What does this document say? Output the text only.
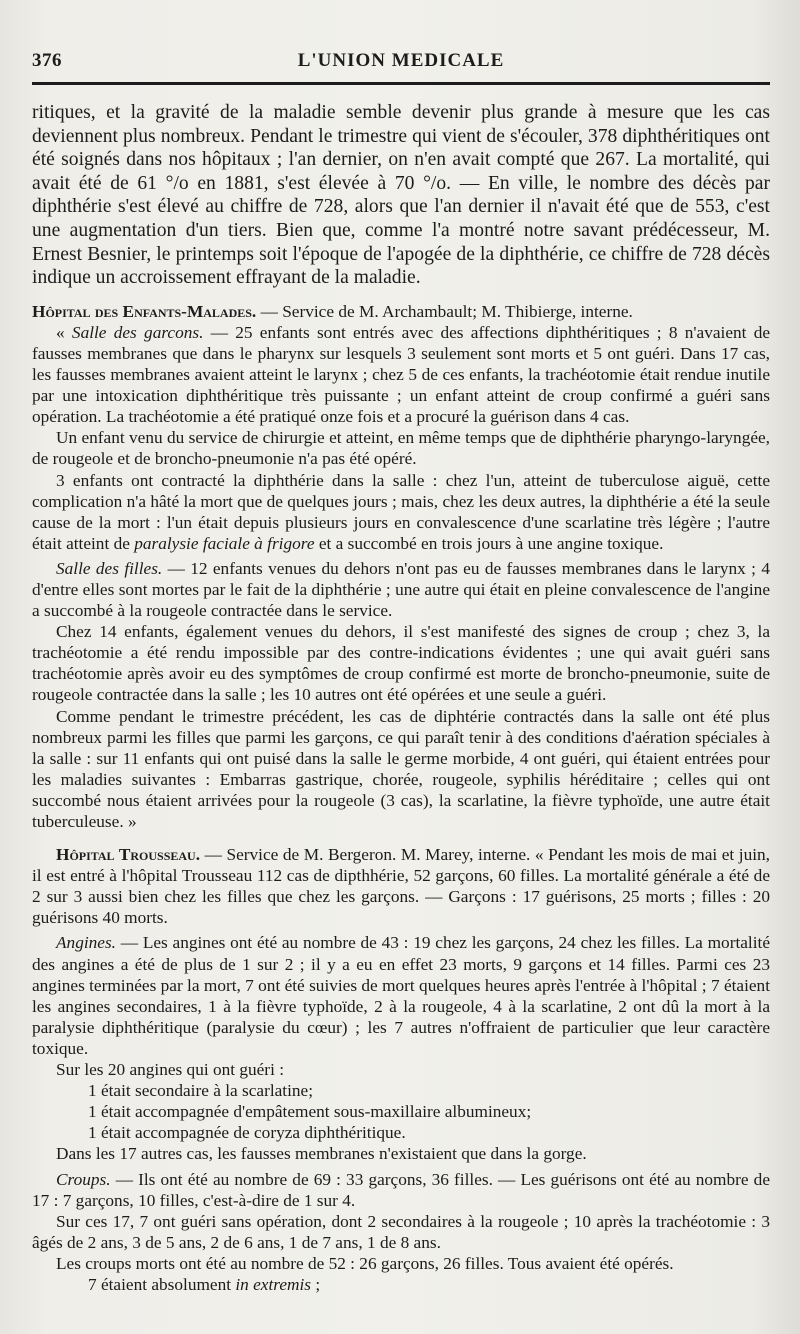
376	L'UNION MEDICALE

ritiques, et la gravité de la maladie semble devenir plus grande à mesure que les cas deviennent plus nombreux. Pendant le trimestre qui vient de s'écouler, 378 diphthéritiques ont été soignés dans nos hôpitaux ; l'an dernier, on n'en avait compté que 267. La mortalité, qui avait été de 61 °/o en 1881, s'est élevée à 70 °/o. — En ville, le nombre des décès par diphthérie s'est élevé au chiffre de 728, alors que l'an dernier il n'avait été que de 553, c'est une augmentation d'un tiers. Bien que, comme l'a montré notre savant prédécesseur, M. Ernest Besnier, le printemps soit l'époque de l'apogée de la diphthérie, ce chiffre de 728 décès indique un accroissement effrayant de la maladie.

Hôpital des Enfants-Malades. — Service de M. Archambault; M. Thibierge, interne.

« Salle des garcons. — 25 enfants sont entrés avec des affections diphthéritiques ; 8 n'avaient de fausses membranes que dans le pharynx sur lesquels 3 seulement sont morts et 5 ont guéri. Dans 17 cas, les fausses membranes avaient atteint le larynx ; chez 5 de ces enfants, la trachéotomie était rendue inutile par une intoxication diphthéritique très puissante ; un enfant atteint de croup confirmé a guéri sans opération. La trachéotomie a été pratiqué onze fois et a procuré la guérison dans 4 cas.

Un enfant venu du service de chirurgie et atteint, en même temps que de diphthérie pharyngo-laryngée, de rougeole et de broncho-pneumonie n'a pas été opéré.

3 enfants ont contracté la diphthérie dans la salle : chez l'un, atteint de tuberculose aiguë, cette complication n'a hâté la mort que de quelques jours ; mais, chez les deux autres, la diphthérie a été la seule cause de la mort : l'un était depuis plusieurs jours en convalescence d'une scarlatine très légère ; l'autre était atteint de paralysie faciale à frigore et a succombé en trois jours à une angine toxique.

Salle des filles. — 12 enfants venues du dehors n'ont pas eu de fausses membranes dans le larynx ; 4 d'entre elles sont mortes par le fait de la diphthérie ; une autre qui était en pleine convalescence de l'angine a succombé à la rougeole contractée dans le service.

Chez 14 enfants, également venues du dehors, il s'est manifesté des signes de croup ; chez 3, la trachéotomie a été rendu impossible par des contre-indications évidentes ; une qui avait guéri sans trachéotomie après avoir eu des symptômes de croup confirmé est morte de broncho-pneumonie, suite de rougeole contractée dans la salle ; les 10 autres ont été opérées et une seule a guéri.

Comme pendant le trimestre précédent, les cas de diphtérie contractés dans la salle ont été plus nombreux parmi les filles que parmi les garçons, ce qui paraît tenir à des conditions d'aération spéciales à la salle : sur 11 enfants qui ont puisé dans la salle le germe morbide, 4 ont guéri, qui étaient entrées pour les maladies suivantes : Embarras gastrique, chorée, rougeole, syphilis héréditaire ; celles qui ont succombé nous étaient arrivées pour la rougeole (3 cas), la scarlatine, la fièvre typhoïde, une autre était tuberculeuse. »

Hôpital Trousseau. — Service de M. Bergeron. M. Marey, interne. « Pendant les mois de mai et juin, il est entré à l'hôpital Trousseau 112 cas de dipthhérie, 52 garçons, 60 filles. La mortalité générale a été de 2 sur 3 aussi bien chez les filles que chez les garçons. — Garçons : 17 guérisons, 25 morts ; filles : 20 guérisons 40 morts.

Angines. — Les angines ont été au nombre de 43 : 19 chez les garçons, 24 chez les filles. La mortalité des angines a été de plus de 1 sur 2 ; il y a eu en effet 23 morts, 9 garçons et 14 filles. Parmi ces 23 angines terminées par la mort, 7 ont été suivies de mort quelques heures après l'entrée à l'hôpital ; 7 étaient les angines secondaires, 1 à la fièvre typhoïde, 2 à la rougeole, 4 à la scarlatine, 2 ont dû la mort à la paralysie diphthéritique (paralysie du cœur) ; les 7 autres n'offraient de particulier que leur caractère toxique.

Sur les 20 angines qui ont guéri :

1 était secondaire à la scarlatine;
1 était accompagnée d'empâtement sous-maxillaire albumineux;
1 était accompagnée de coryza diphthéritique.

Dans les 17 autres cas, les fausses membranes n'existaient que dans la gorge.

Croups. — Ils ont été au nombre de 69 : 33 garçons, 36 filles. — Les guérisons ont été au nombre de 17 : 7 garçons, 10 filles, c'est-à-dire de 1 sur 4.

Sur ces 17, 7 ont guéri sans opération, dont 2 secondaires à la rougeole ; 10 après la trachéotomie : 3 âgés de 2 ans, 3 de 5 ans, 2 de 6 ans, 1 de 7 ans, 1 de 8 ans.

Les croups morts ont été au nombre de 52 : 26 garçons, 26 filles. Tous avaient été opérés.

7 étaient absolument in extremis ;
